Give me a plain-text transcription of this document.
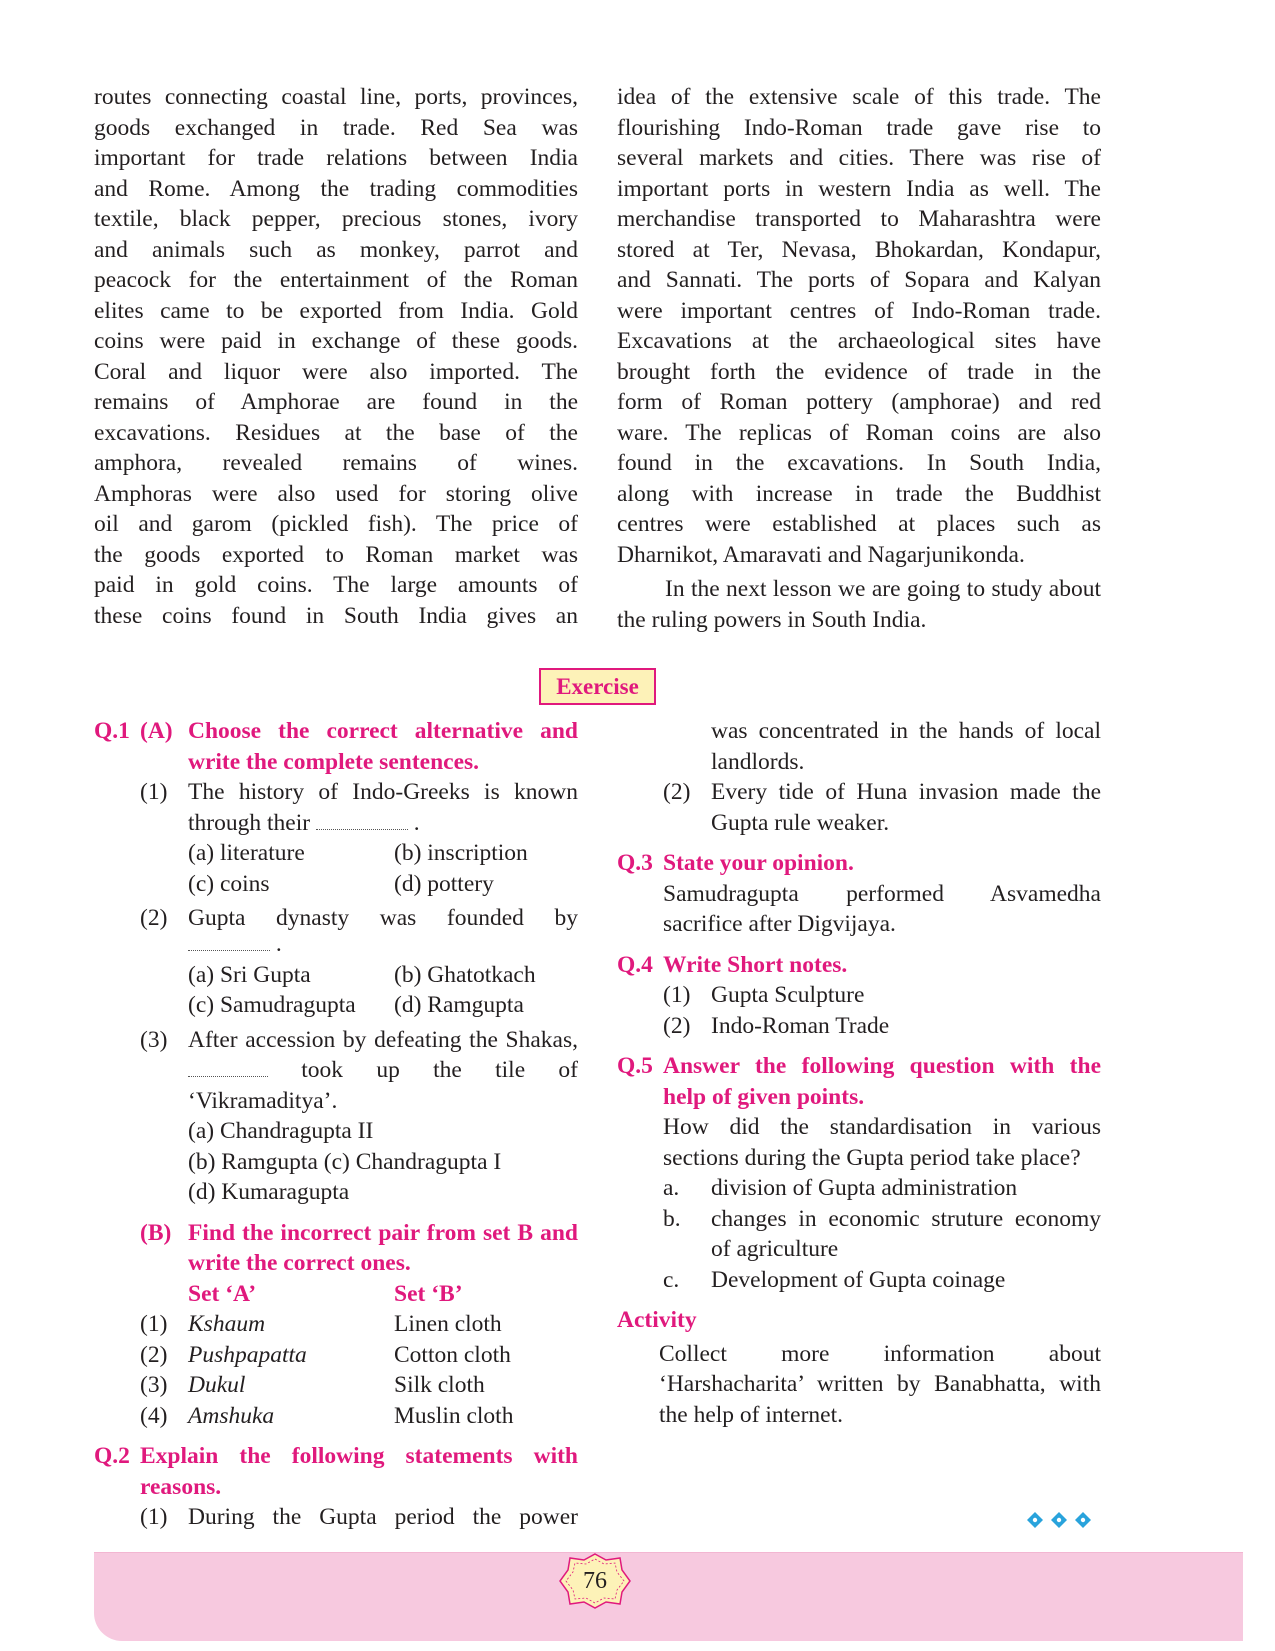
routes connecting coastal line, ports, provinces,
goods exchanged in trade. Red Sea was
important for trade relations between India
and Rome. Among the trading commodities
textile, black pepper, precious stones, ivory
and animals such as monkey, parrot and
peacock for the entertainment of the Roman
elites came to be exported from India. Gold
coins were paid in exchange of these goods.
Coral and liquor were also imported. The
remains of Amphorae are found in the
excavations. Residues at the base of the
amphora, revealed remains of wines.
Amphoras were also used for storing olive
oil and garom (pickled fish). The price of
the goods exported to Roman market was
paid in gold coins. The large amounts of
these coins found in South India gives an
idea of the extensive scale of this trade. The
flourishing Indo-Roman trade gave rise to
several markets and cities. There was rise of
important ports in western India as well. The
merchandise transported to Maharashtra were
stored at Ter, Nevasa, Bhokardan, Kondapur,
and Sannati. The ports of Sopara and Kalyan
were important centres of Indo-Roman trade.
Excavations at the archaeological sites have
brought forth the evidence of trade in the
form of Roman pottery (amphorae) and red
ware. The replicas of Roman coins are also
found in the excavations. In South India,
along with increase in trade the Buddhist
centres were established at places such as
Dharnikot, Amaravati and Nagarjunikonda.

In the next lesson we are going to study about the ruling powers in South India.

Exercise
Q.1 (A) Choose the correct alternative and write the complete sentences.
(1) The history of Indo-Greeks is known through their	.
(a) literature	(b) inscription
(c) coins	(d) pottery
(2) Gupta dynasty was founded by
.
(a) Sri Gupta	(b) Ghatotkach
(c) Samudragupta	(d) Ramgupta
(3) After accession by defeating the Shakas,  took up the tile of ‘Vikramaditya’.
(a) Chandragupta II
(b) Ramgupta (c) Chandragupta I
(d) Kumaragupta
(B) Find the incorrect pair from set B and write the correct ones.
Set ‘A’	Set ‘B’
(1) Kshaum	Linen cloth
(2) Pushpapatta	Cotton cloth
(3) Dukul	Silk cloth
(4) Amshuka	Muslin cloth
Q.2 Explain the following statements with reasons.
(1) During the Gupta period the power
was concentrated in the hands of local landlords.
(2) Every tide of Huna invasion made the Gupta rule weaker.
Q.3 State your opinion.

Samudragupta performed Asvamedha sacrifice after Digvijaya.

Q.4 Write Short notes.
(1) Gupta Sculpture
(2) Indo-Roman Trade
Q.5 Answer the following question with the help of given points.

How did the standardisation in various sections during the Gupta period take place?

a.	division of Gupta administration
b.	changes in economic struture economy of agriculture
c.	Development of Gupta coinage
Activity

Collect more information about ‘Harshacharita’ written by Banabhatta, with the help of internet.

76
